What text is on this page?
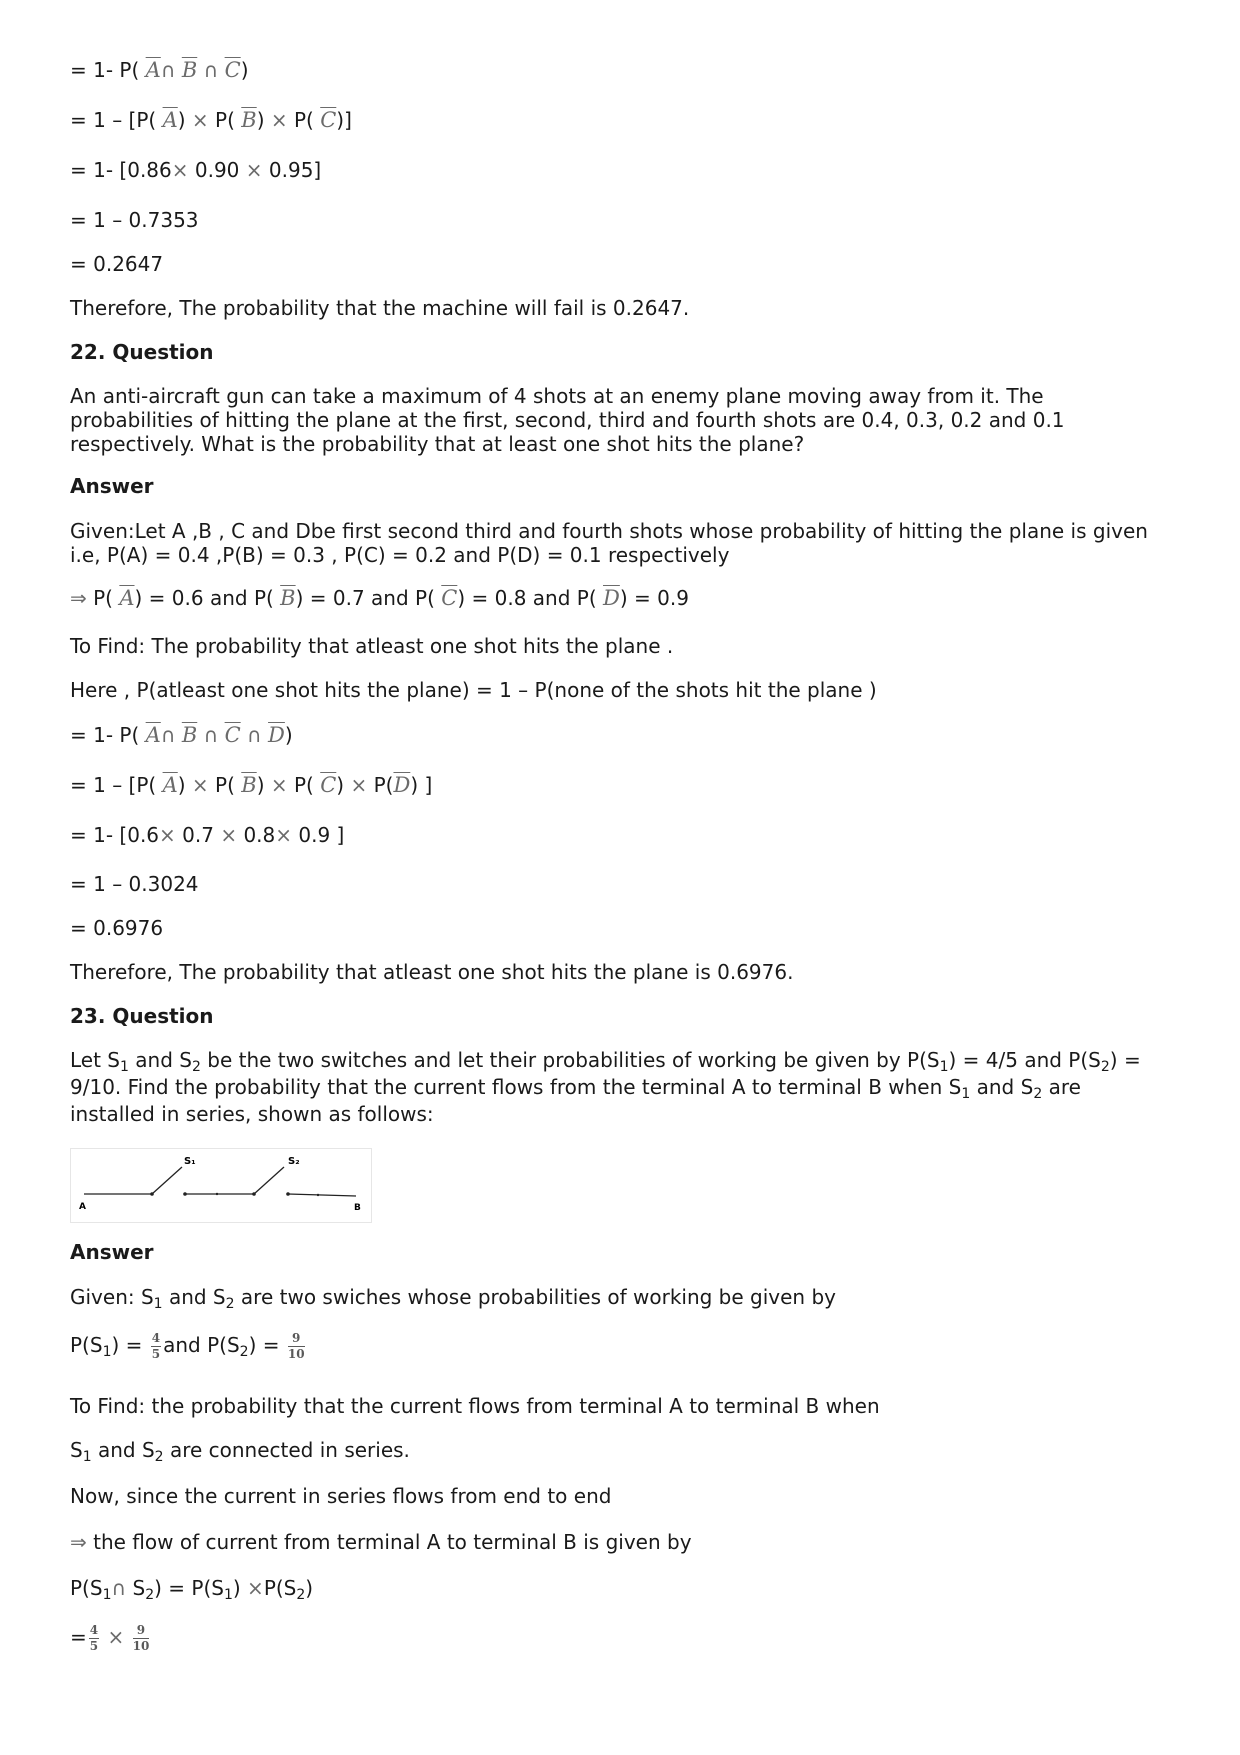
= 1- P( $\overline{A}\cap$ $\overline{B}$ ∩ $\overline{C}$)

= 1 – [P( $\overline{A}) \times P$( $\overline{B}) \times P$( $\overline{C}$)]

= 1- [0.86× 0.90 × 0.95]

= 1 – 0.7353

= 0.2647

Therefore, The probability that the machine will fail is 0.2647.

22. Question

An anti-aircraft gun can take a maximum of 4 shots at an enemy plane moving away from it. The probabilities of hitting the plane at the first, second, third and fourth shots are 0.4, 0.3, 0.2 and 0.1 respectively. What is the probability that at least one shot hits the plane?

Answer

Given:Let A ,B , C and Dbe first second third and fourth shots whose probability of hitting the plane is given i.e, P(A) = 0.4 ,P(B) = 0.3 , P(C) = 0.2 and P(D) = 0.1 respectively

⇒ P( $\overline{A}) = 0.6$ and P( $\overline{B}) = 0.7$ and P( $\overline{C}) = 0.8$ and P( $\overline{D}) = 0.9$

To Find: The probability that atleast one shot hits the plane .

Here , P(atleast one shot hits the plane) = 1 – P(none of the shots hit the plane )

= 1- P( $\overline{A}\cap$ $\overline{B}$ ∩ $\overline{C}$ ∩ $\overline{D}$)

= 1 – [P( $\overline{A}) \times P$( $\overline{B}) \times P$( $\overline{C}) \times P(\overline{D})$ ]

= 1- [0.6× 0.7 × 0.8× 0.9 ]

= 1 – 0.3024

= 0.6976

Therefore, The probability that atleast one shot hits the plane is 0.6976.

23. Question

Let $S_1$ and $S_2$ be the two switches and let their probabilities of working be given by $P(S_1) = 4/5$ and $P(S_2)$ =

9/10. Find the probability that the current flows from the terminal A to terminal B when $S_1$ and $S_2$ are

installed in series, shown as follows:

A	B
S₁	S₂

Answer

Given: $S_1$ and $S_2$ are two swiches whose probabilities of working be given by

$P(S_1) = \frac{4}{5}$ and $P(S_2) = \frac{9}{10}$

To Find: the probability that the current flows from terminal A to terminal B when

$S_1$ and $S_2$ are connected in series.

Now, since the current in series flows from end to end

⇒ the flow of current from terminal A to terminal B is given by

$P(S_1\cap$ $S_2) = P(S_1) \times P(S_2)$

= $\frac{4}{5} \times \frac{9}{10}$
